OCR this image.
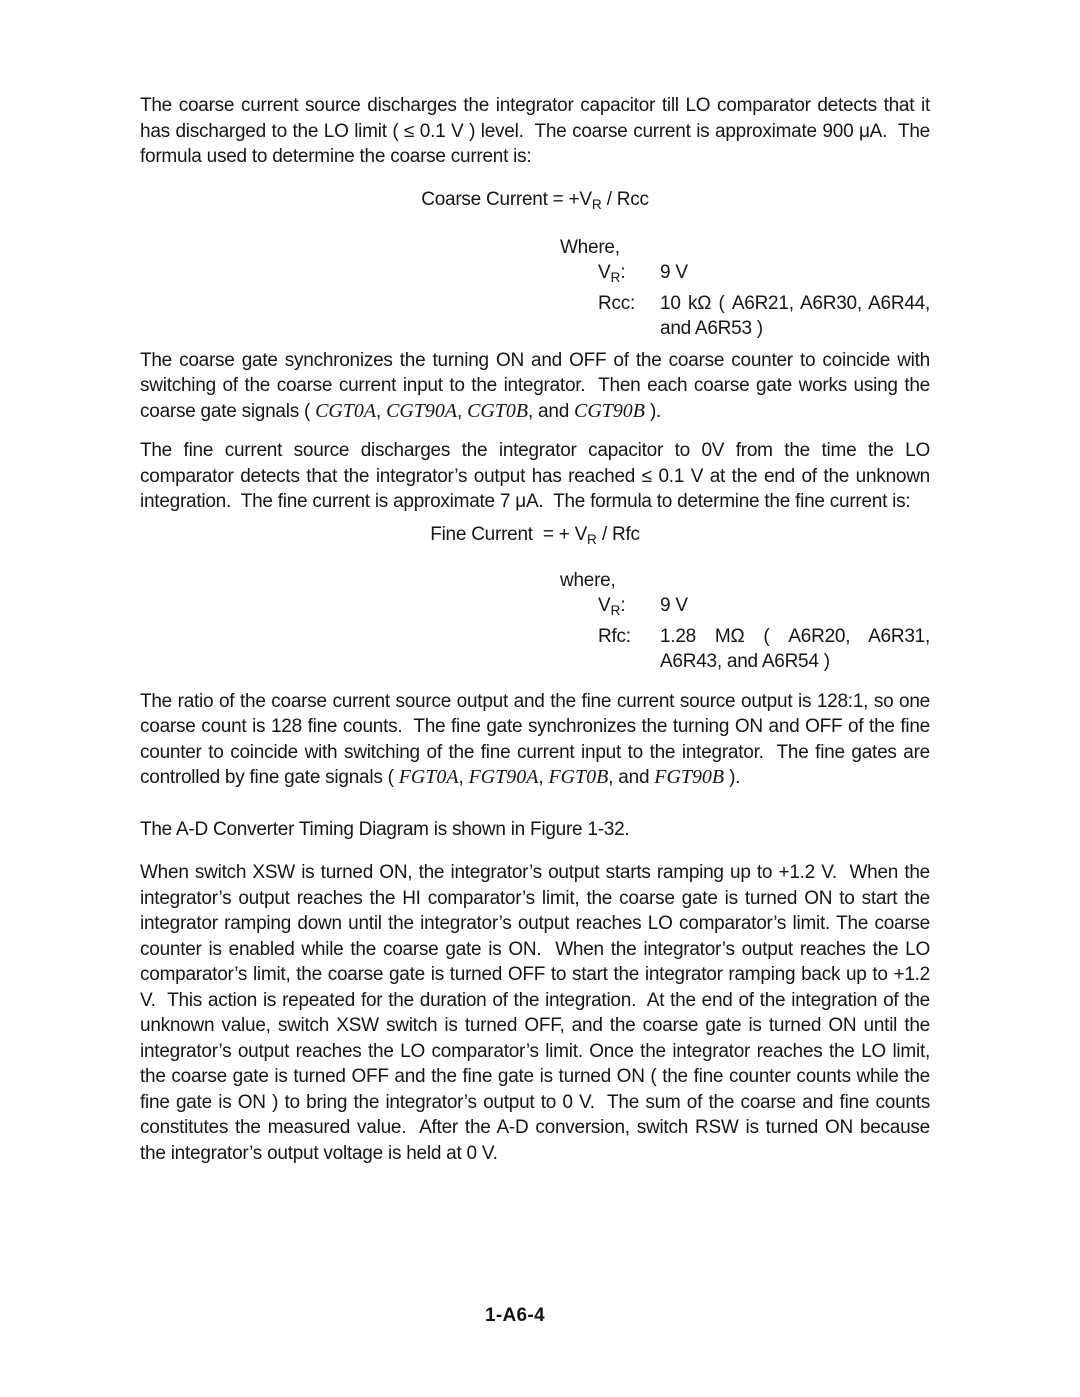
The coarse current source discharges the integrator capacitor till LO comparator detects that it has discharged to the LO limit ( ≤ 0.1 V ) level.  The coarse current is approximate 900 μA.  The formula used to determine the coarse current is:
Coarse Current = $+V_R$ / Rcc
Where,
$V_R$:	9 V
Rcc:	10 kΩ ( A6R21, A6R30, A6R44, and A6R53 )
The coarse gate synchronizes the turning ON and OFF of the coarse counter to coincide with switching of the coarse current input to the integrator.  Then each coarse gate works using the coarse gate signals ( CGT0A, CGT90A, CGT0B, and CGT90B ).
The fine current source discharges the integrator capacitor to 0V from the time the LO comparator detects that the integrator’s output has reached ≤ 0.1 V at the end of the unknown integration.  The fine current is approximate 7 μA.  The formula to determine the fine current is:
Fine Current  = + $V_R$ / Rfc
where,
$V_R$:	9 V
Rfc:	1.28 MΩ ( A6R20, A6R31, A6R43, and A6R54 )
The ratio of the coarse current source output and the fine current source output is 128:1, so one coarse count is 128 fine counts.  The fine gate synchronizes the turning ON and OFF of the fine counter to coincide with switching of the fine current input to the integrator.  The fine gates are controlled by fine gate signals ( FGT0A, FGT90A, FGT0B, and FGT90B ).
The A-D Converter Timing Diagram is shown in Figure 1-32.
When switch XSW is turned ON, the integrator’s output starts ramping up to +1.2 V.  When the integrator’s output reaches the HI comparator’s limit, the coarse gate is turned ON to start the integrator ramping down until the integrator’s output reaches LO comparator’s limit. The coarse counter is enabled while the coarse gate is ON.  When the integrator’s output reaches the LO comparator’s limit, the coarse gate is turned OFF to start the integrator ramping back up to +1.2 V.  This action is repeated for the duration of the integration.  At the end of the integration of the unknown value, switch XSW switch is turned OFF, and the coarse gate is turned ON until the integrator’s output reaches the LO comparator’s limit. Once the integrator reaches the LO limit, the coarse gate is turned OFF and the fine gate is turned ON ( the fine counter counts while the fine gate is ON ) to bring the integrator’s output to 0 V.  The sum of the coarse and fine counts constitutes the measured value.  After the A-D conversion, switch RSW is turned ON because the integrator’s output voltage is held at 0 V.
1-A6-4
